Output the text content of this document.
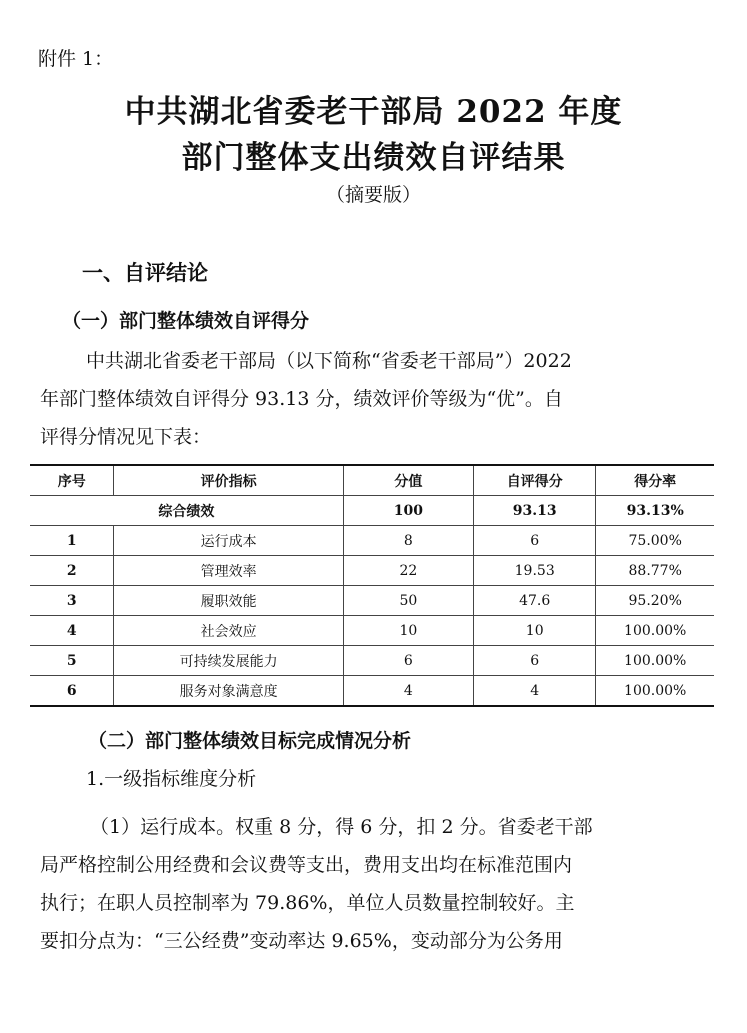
附件 1：
中共湖北省委老干部局 2022 年度
部门整体支出绩效自评结果
（摘要版）
一、自评结论
（一）部门整体绩效自评得分
中共湖北省委老干部局（以下简称“省委老干部局”）2022
年部门整体绩效自评得分 93.13 分，绩效评价等级为“优”。自
评得分情况见下表：
序号	评价指标	分值	自评得分	得分率
综合绩效		100	93.13	93.13%
1	运行成本	8	6	75.00%
2	管理效率	22	19.53	88.77%
3	履职效能	50	47.6	95.20%
4	社会效应	10	10	100.00%
5	可持续发展能力	6	6	100.00%
6	服务对象满意度	4	4	100.00%
（二）部门整体绩效目标完成情况分析
1.一级指标维度分析
（1）运行成本。权重 8 分，得 6 分，扣 2 分。省委老干部
局严格控制公用经费和会议费等支出，费用支出均在标准范围内
执行；在职人员控制率为 79.86%，单位人员数量控制较好。主
要扣分点为：“三公经费”变动率达 9.65%，变动部分为公务用
